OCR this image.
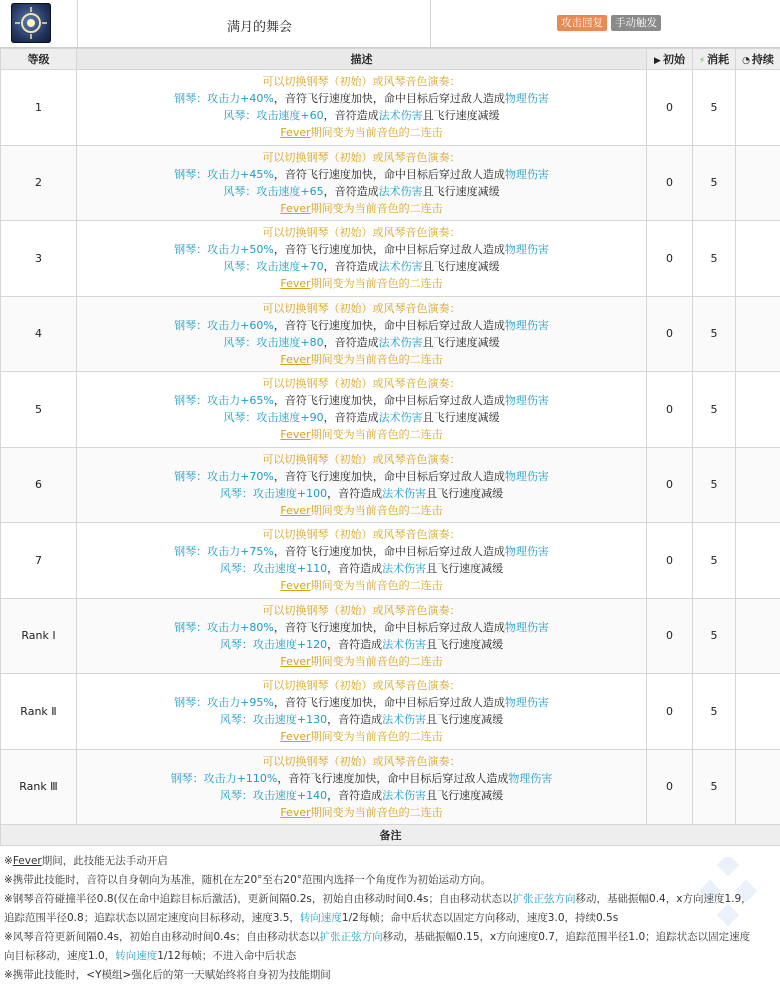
满月的舞会	攻击回复	手动触发
等级	描述	▶ 初始	⚡ 消耗	◔ 持续
1	可以切换钢琴（初始）或风琴音色演奏：
钢琴：攻击力+40%，音符飞行速度加快，命中目标后穿过敌人造成物理伤害
风琴：攻击速度+60，音符造成法术伤害且飞行速度减缓
Fever期间变为当前音色的二连击	0	5	
2	可以切换钢琴（初始）或风琴音色演奏：
钢琴：攻击力+45%，音符飞行速度加快，命中目标后穿过敌人造成物理伤害
风琴：攻击速度+65，音符造成法术伤害且飞行速度减缓
Fever期间变为当前音色的二连击	0	5	
3	可以切换钢琴（初始）或风琴音色演奏：
钢琴：攻击力+50%，音符飞行速度加快，命中目标后穿过敌人造成物理伤害
风琴：攻击速度+70，音符造成法术伤害且飞行速度减缓
Fever期间变为当前音色的二连击	0	5	
4	可以切换钢琴（初始）或风琴音色演奏：
钢琴：攻击力+60%，音符飞行速度加快，命中目标后穿过敌人造成物理伤害
风琴：攻击速度+80，音符造成法术伤害且飞行速度减缓
Fever期间变为当前音色的二连击	0	5	
5	可以切换钢琴（初始）或风琴音色演奏：
钢琴：攻击力+65%，音符飞行速度加快，命中目标后穿过敌人造成物理伤害
风琴：攻击速度+90，音符造成法术伤害且飞行速度减缓
Fever期间变为当前音色的二连击	0	5	
6	可以切换钢琴（初始）或风琴音色演奏：
钢琴：攻击力+70%，音符飞行速度加快，命中目标后穿过敌人造成物理伤害
风琴：攻击速度+100，音符造成法术伤害且飞行速度减缓
Fever期间变为当前音色的二连击	0	5	
7	可以切换钢琴（初始）或风琴音色演奏：
钢琴：攻击力+75%，音符飞行速度加快，命中目标后穿过敌人造成物理伤害
风琴：攻击速度+110，音符造成法术伤害且飞行速度减缓
Fever期间变为当前音色的二连击	0	5	
Rank Ⅰ	可以切换钢琴（初始）或风琴音色演奏：
钢琴：攻击力+80%，音符飞行速度加快，命中目标后穿过敌人造成物理伤害
风琴：攻击速度+120，音符造成法术伤害且飞行速度减缓
Fever期间变为当前音色的二连击	0	5	
Rank Ⅱ	可以切换钢琴（初始）或风琴音色演奏：
钢琴：攻击力+95%，音符飞行速度加快，命中目标后穿过敌人造成物理伤害
风琴：攻击速度+130，音符造成法术伤害且飞行速度减缓
Fever期间变为当前音色的二连击	0	5	
Rank Ⅲ	可以切换钢琴（初始）或风琴音色演奏：
钢琴：攻击力+110%，音符飞行速度加快，命中目标后穿过敌人造成物理伤害
风琴：攻击速度+140，音符造成法术伤害且飞行速度减缓
Fever期间变为当前音色的二连击	0	5	
备注				
※Fever期间，此技能无法手动开启
※携带此技能时，音符以自身朝向为基准，随机在左20°至右20°范围内选择一个角度作为初始运动方向。
※钢琴音符碰撞半径0.8(仅在命中追踪目标后激活)，更新间隔0.2s，初始自由移动时间0.4s；自由移动状态以扩张正弦方向移动，基础振幅0.4，x方向速度1.9，
追踪范围半径0.8；追踪状态以固定速度向目标移动，速度3.5，转向速度1/2每帧；命中后状态以固定方向移动，速度3.0，持续0.5s
※风琴音符更新间隔0.4s，初始自由移动时间0.4s；自由移动状态以扩张正弦方向移动，基础振幅0.15，x方向速度0.7，追踪范围半径1.0；追踪状态以固定速度
向目标移动，速度1.0，转向速度1/12每帧；不进入命中后状态
※携带此技能时，<Y模组>强化后的第一天赋始终将自身初为技能期间
